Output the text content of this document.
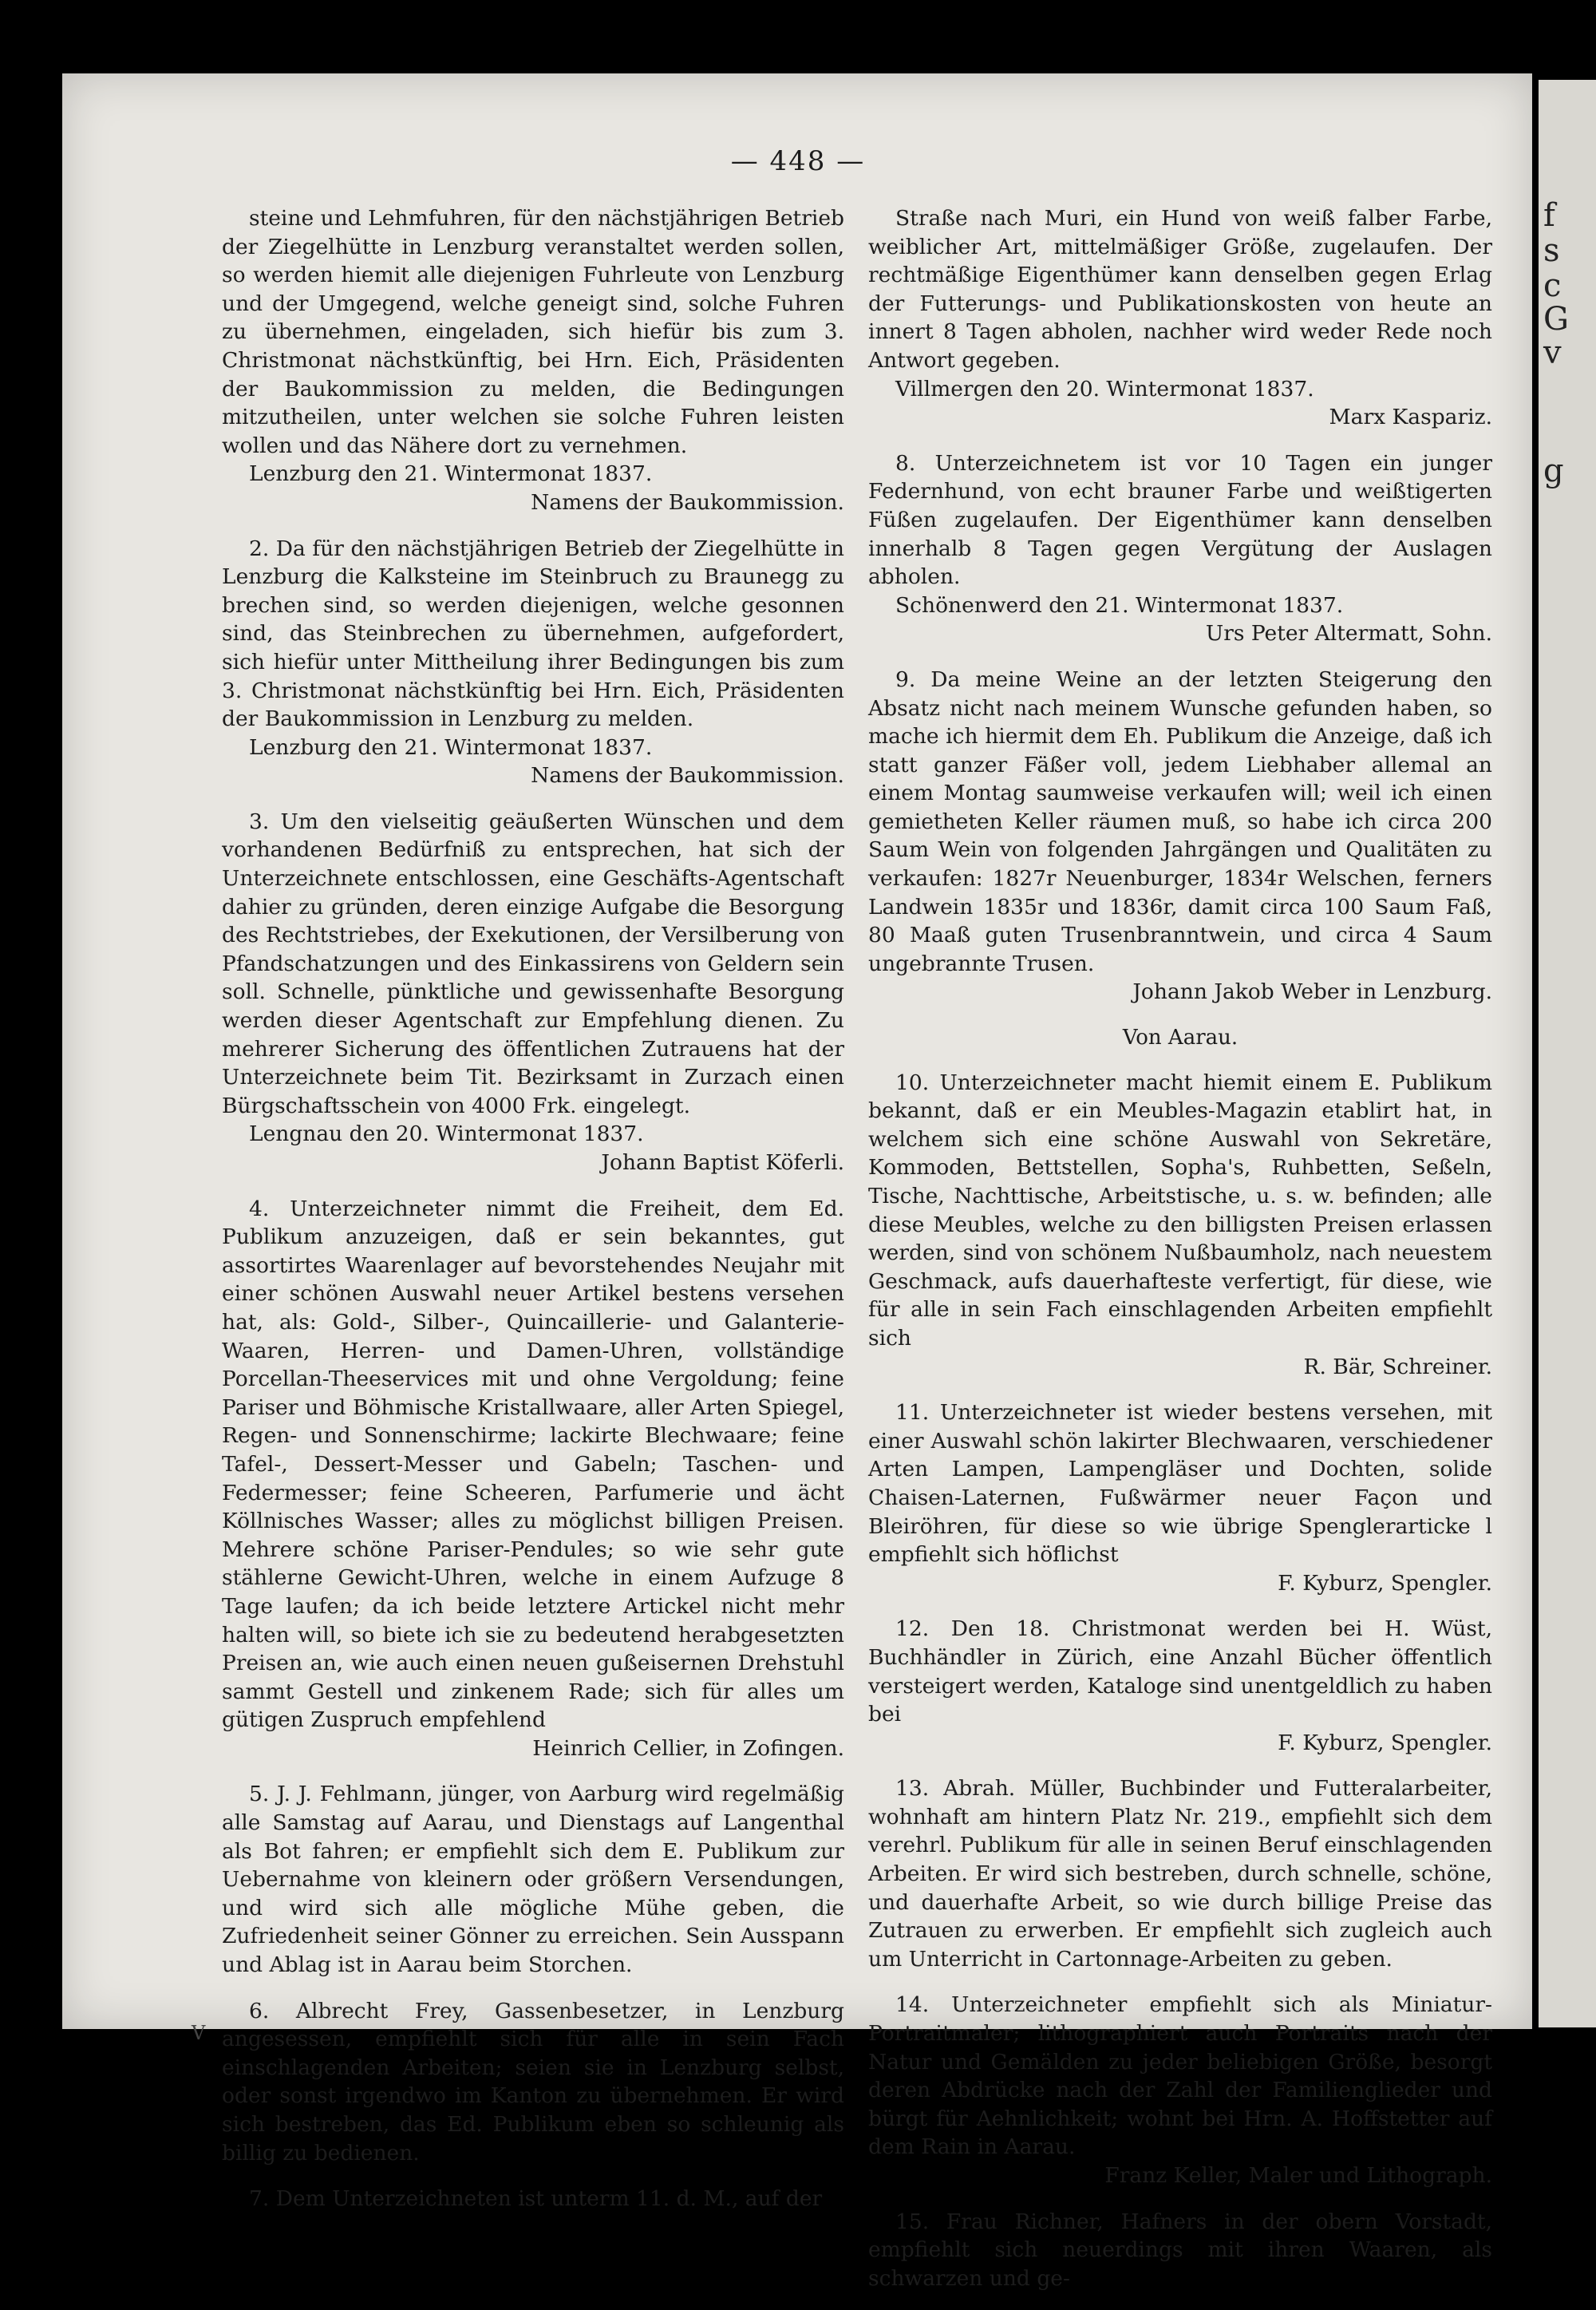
f
s
c
G
v
g
— 448 —

steine und Lehmfuhren, für den nächstjährigen Betrieb der Ziegelhütte in Lenzburg veranstaltet werden sollen, so werden hiemit alle diejenigen Fuhrleute von Lenzburg und der Umgegend, welche geneigt sind, solche Fuhren zu übernehmen, eingeladen, sich hiefür bis zum 3. Christmonat nächstkünftig, bei Hrn. Eich, Präsidenten der Baukommission zu melden, die Bedingungen mitzutheilen, unter welchen sie solche Fuhren leisten wollen und das Nähere dort zu vernehmen.

Lenzburg den 21. Wintermonat 1837.

Namens der Baukommission.

2. Da für den nächstjährigen Betrieb der Ziegelhütte in Lenzburg die Kalksteine im Steinbruch zu Braunegg zu brechen sind, so werden diejenigen, welche gesonnen sind, das Steinbrechen zu übernehmen, aufgefordert, sich hiefür unter Mittheilung ihrer Bedingungen bis zum 3. Christmonat nächstkünftig bei Hrn. Eich, Präsidenten der Baukommission in Lenzburg zu melden.

Lenzburg den 21. Wintermonat 1837.

Namens der Baukommission.

3. Um den vielseitig geäußerten Wünschen und dem vorhandenen Bedürfniß zu entsprechen, hat sich der Unterzeichnete entschlossen, eine Geschäfts-Agentschaft dahier zu gründen, deren einzige Aufgabe die Besorgung des Rechtstriebes, der Exekutionen, der Versilberung von Pfandschatzungen und des Einkassirens von Geldern sein soll. Schnelle, pünktliche und gewissenhafte Besorgung werden dieser Agentschaft zur Empfehlung dienen. Zu mehrerer Sicherung des öffentlichen Zutrauens hat der Unterzeichnete beim Tit. Bezirksamt in Zurzach einen Bürgschaftsschein von 4000 Frk. eingelegt.

Lengnau den 20. Wintermonat 1837.

Johann Baptist Köferli.

4. Unterzeichneter nimmt die Freiheit, dem Ed. Publikum anzuzeigen, daß er sein bekanntes, gut assortirtes Waarenlager auf bevorstehendes Neujahr mit einer schönen Auswahl neuer Artikel bestens versehen hat, als: Gold-, Silber-, Quincaillerie- und Galanterie-Waaren, Herren- und Damen-Uhren, vollständige Porcellan-Theeservices mit und ohne Vergoldung; feine Pariser und Böhmische Kristallwaare, aller Arten Spiegel, Regen- und Sonnenschirme; lackirte Blechwaare; feine Tafel-, Dessert-Messer und Gabeln; Taschen- und Federmesser; feine Scheeren, Parfumerie und ächt Köllnisches Wasser; alles zu möglichst billigen Preisen. Mehrere schöne Pariser-Pendules; so wie sehr gute stählerne Gewicht-Uhren, welche in einem Aufzuge 8 Tage laufen; da ich beide letztere Artickel nicht mehr halten will, so biete ich sie zu bedeutend herabgesetzten Preisen an, wie auch einen neuen gußeisernen Drehstuhl sammt Gestell und zinkenem Rade; sich für alles um gütigen Zuspruch empfehlend

Heinrich Cellier, in Zofingen.

5. J. J. Fehlmann, jünger, von Aarburg wird regelmäßig alle Samstag auf Aarau, und Dienstags auf Langenthal als Bot fahren; er empfiehlt sich dem E. Publikum zur Uebernahme von kleinern oder größern Versendungen, und wird sich alle mögliche Mühe geben, die Zufriedenheit seiner Gönner zu erreichen. Sein Ausspann und Ablag ist in Aarau beim Storchen.

6. Albrecht Frey, Gassenbesetzer, in Lenzburg angesessen, empfiehlt sich für alle in sein Fach einschlagenden Arbeiten; seien sie in Lenzburg selbst, oder sonst irgendwo im Kanton zu übernehmen. Er wird sich bestreben, das Ed. Publikum eben so schleunig als billig zu bedienen.

7. Dem Unterzeichneten ist unterm 11. d. M., auf der

Straße nach Muri, ein Hund von weiß falber Farbe, weiblicher Art, mittelmäßiger Größe, zugelaufen. Der rechtmäßige Eigenthümer kann denselben gegen Erlag der Futterungs- und Publikationskosten von heute an innert 8 Tagen abholen, nachher wird weder Rede noch Antwort gegeben.

Villmergen den 20. Wintermonat 1837.

Marx Kaspariz.

8. Unterzeichnetem ist vor 10 Tagen ein junger Federnhund, von echt brauner Farbe und weißtigerten Füßen zugelaufen. Der Eigenthümer kann denselben innerhalb 8 Tagen gegen Vergütung der Auslagen abholen.

Schönenwerd den 21. Wintermonat 1837.

Urs Peter Altermatt, Sohn.

9. Da meine Weine an der letzten Steigerung den Absatz nicht nach meinem Wunsche gefunden haben, so mache ich hiermit dem Eh. Publikum die Anzeige, daß ich statt ganzer Fäßer voll, jedem Liebhaber allemal an einem Montag saumweise verkaufen will; weil ich einen gemietheten Keller räumen muß, so habe ich circa 200 Saum Wein von folgenden Jahrgängen und Qualitäten zu verkaufen: 1827r Neuenburger, 1834r Welschen, ferners Landwein 1835r und 1836r, damit circa 100 Saum Faß, 80 Maaß guten Trusenbranntwein, und circa 4 Saum ungebrannte Trusen.

Johann Jakob Weber in Lenzburg.

Von Aarau.

10. Unterzeichneter macht hiemit einem E. Publikum bekannt, daß er ein Meubles-Magazin etablirt hat, in welchem sich eine schöne Auswahl von Sekretäre, Kommoden, Bettstellen, Sopha's, Ruhbetten, Seßeln, Tische, Nachttische, Arbeitstische, u. s. w. befinden; alle diese Meubles, welche zu den billigsten Preisen erlassen werden, sind von schönem Nußbaumholz, nach neuestem Geschmack, aufs dauerhafteste verfertigt, für diese, wie für alle in sein Fach einschlagenden Arbeiten empfiehlt sich

R. Bär, Schreiner.

11. Unterzeichneter ist wieder bestens versehen, mit einer Auswahl schön lakirter Blechwaaren, verschiedener Arten Lampen, Lampengläser und Dochten, solide Chaisen-Laternen, Fußwärmer neuer Façon und Bleiröhren, für diese so wie übrige Spenglerarticke l empfiehlt sich höflichst

F. Kyburz, Spengler.

12. Den 18. Christmonat werden bei H. Wüst, Buchhändler in Zürich, eine Anzahl Bücher öffentlich versteigert werden, Kataloge sind unentgeldlich zu haben bei

F. Kyburz, Spengler.

13. Abrah. Müller, Buchbinder und Futteralarbeiter, wohnhaft am hintern Platz Nr. 219., empfiehlt sich dem verehrl. Publikum für alle in seinen Beruf einschlagenden Arbeiten. Er wird sich bestreben, durch schnelle, schöne, und dauerhafte Arbeit, so wie durch billige Preise das Zutrauen zu erwerben. Er empfiehlt sich zugleich auch um Unterricht in Cartonnage-Arbeiten zu geben.

14. Unterzeichneter empfiehlt sich als Miniatur-Portraitmaler; lithographiert auch Portraits nach der Natur und Gemälden zu jeder beliebigen Größe, besorgt deren Abdrücke nach der Zahl der Familienglieder und bürgt für Aehnlichkeit; wohnt bei Hrn. A. Hoffstetter auf dem Rain in Aarau.

Franz Keller, Maler und Lithograph.

15. Frau Richner, Hafners in der obern Vorstadt, empfiehlt sich neuerdings mit ihren Waaren, als schwarzen und ge-

V
